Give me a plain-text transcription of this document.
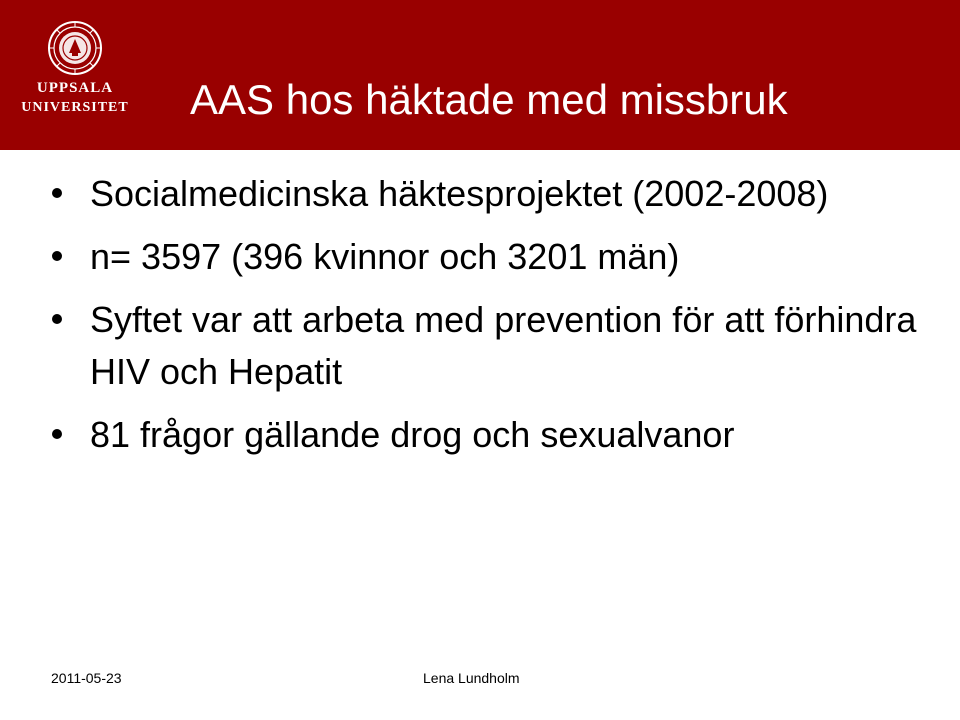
UPPSALA
UNIVERSITET AAS hos häktade med missbruk
Socialmedicinska häktesprojektet (2002-2008)
n= 3597 (396 kvinnor och 3201 män)
Syftet var att arbeta med prevention för att förhindra HIV och Hepatit
81 frågor gällande drog och sexualvanor
2011-05-23	Lena Lundholm
